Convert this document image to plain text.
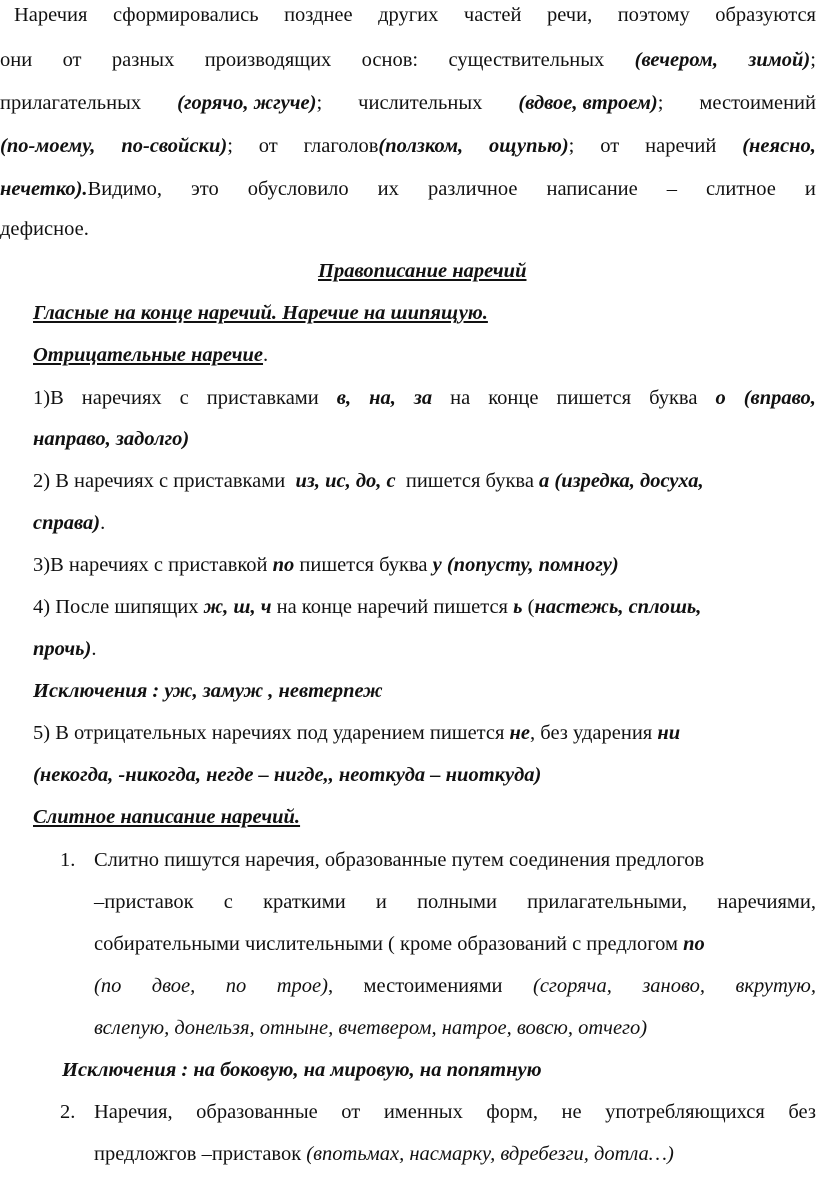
Наречия сформировались позднее других частей речи, поэтому образуются
они от разных производящих основ: существительных (вечером, зимой);
прилагательных (горячо, жгуче); числительных (вдвое, втроем); местоимений
(по-моему, по-свойски); от глаголов(ползком, ощупью); от наречий (неясно,
нечетко).Видимо, это обусловило их различное написание – слитное и
дефисное.
Правописание наречий
Гласные на конце наречий. Наречие на шипящую.
Отрицательные наречие.
1)В наречиях с приставками в, на, за на конце пишется буква о (вправо,
направо, задолго)
2) В наречиях с приставками из, ис, до, с пишется буква а (изредка, досуха,
справа).
3)В наречиях с приставкой по пишется буква у (попусту, помногу)
4) После шипящих ж, ш, ч на конце наречий пишется ь (настежь, сплошь,
прочь).
Исключения : уж, замуж , невтерпеж
5) В отрицательных наречиях под ударением пишется не, без ударения ни
(некогда, -никогда, негде – нигде,, неоткуда – ниоткуда)
Слитное написание наречий.
1. Слитно пишутся наречия, образованные путем соединения предлогов
–приставок с краткими и полными прилагательными, наречиями,
собирательными числительными ( кроме образований с предлогом по
(по двое, по трое), местоимениями (сгоряча, заново, вкрутую,
вслепую, донельзя, отныне, вчетвером, натрое, вовсю, отчего)
Исключения : на боковую, на мировую, на попятную
2. Наречия, образованные от именных форм, не употребляющихся без
предложгов –приставок (впотьмах, насмарку, вдребезги, дотла…)
